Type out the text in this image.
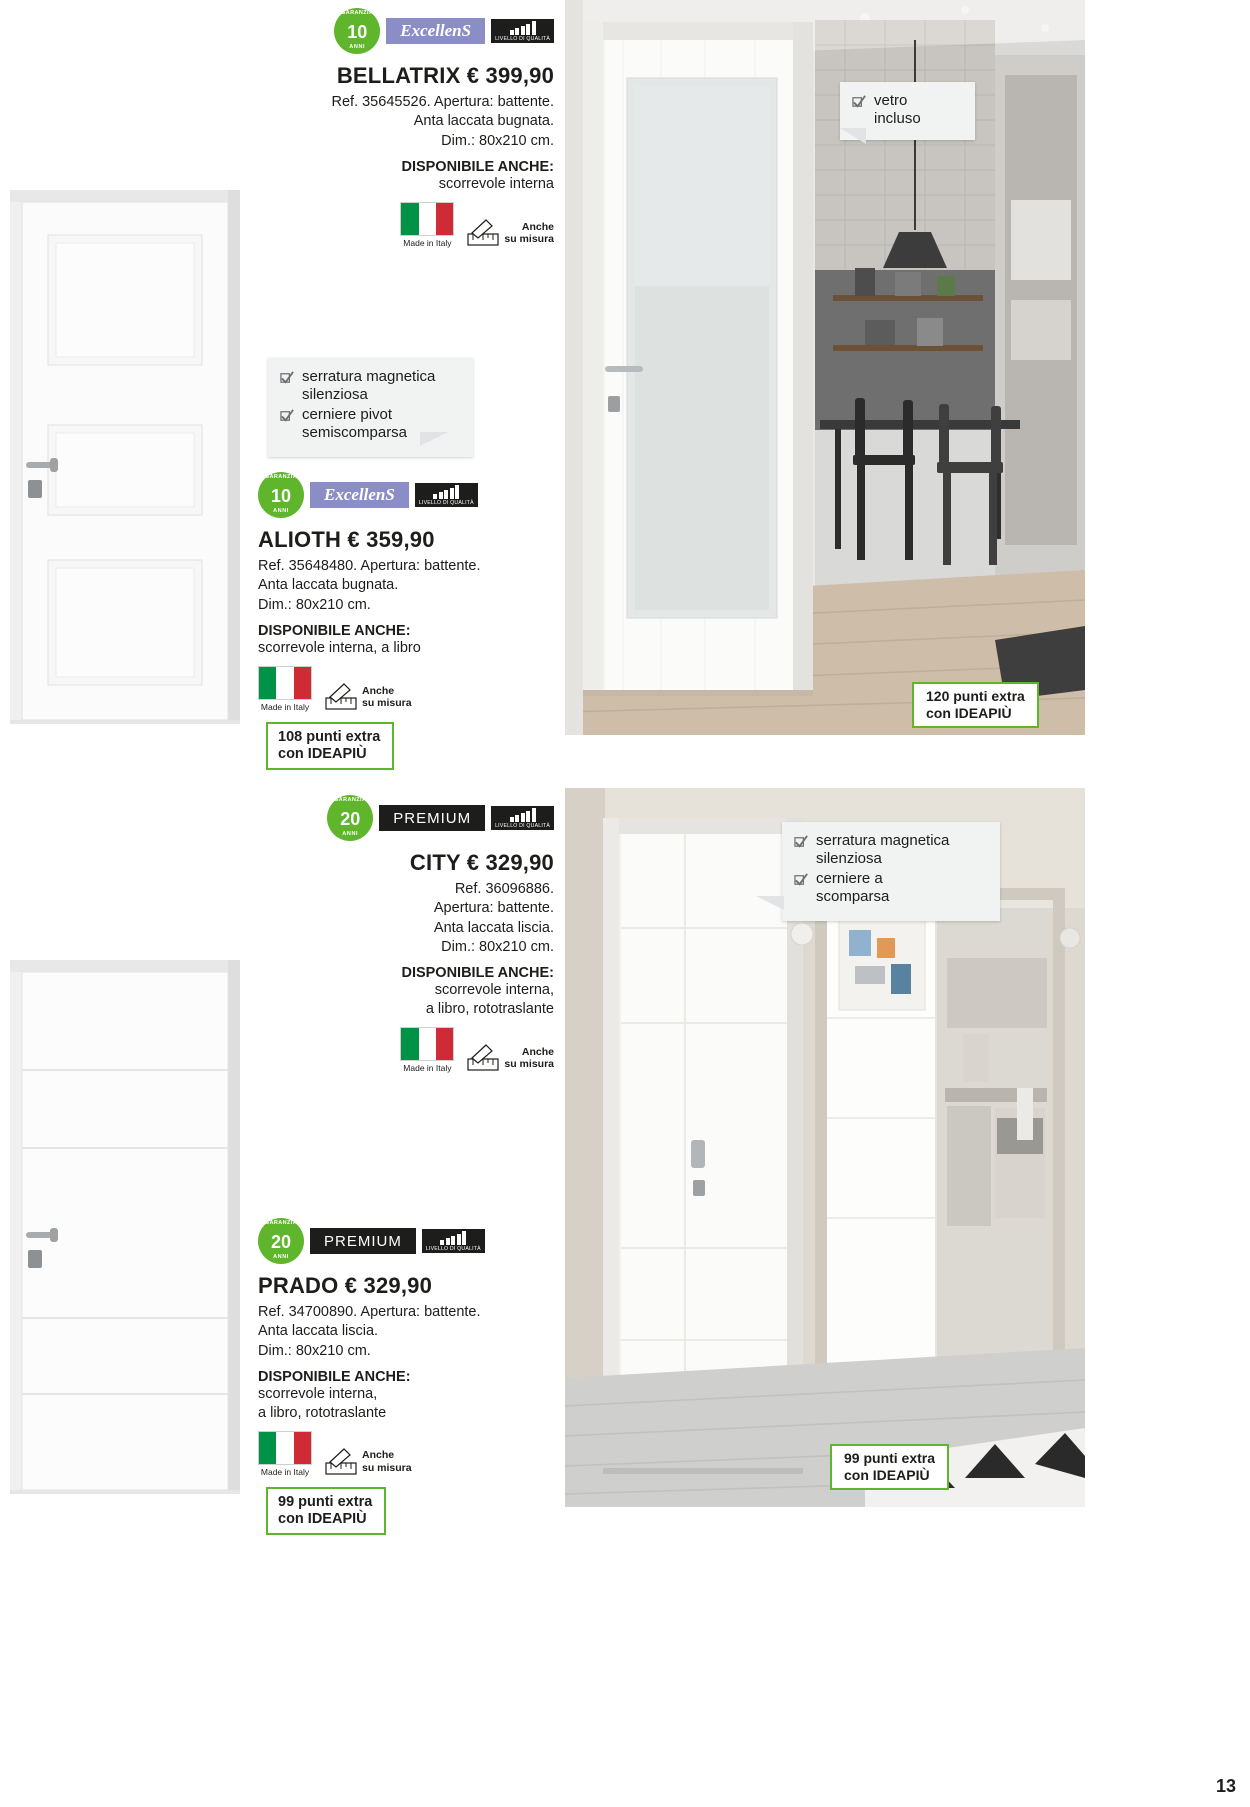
GARANZIA
10
ANNI
ExcellenS	LIVELLO DI QUALITÀ
BELLATRIX € 399,90
Ref. 35645526. Apertura: battente.
Anta laccata bugnata.
Dim.: 80x210 cm.
DISPONIBILE ANCHE:
scorrevole interna
Made in Italy
Anche
su misura
serratura magnetica
silenziosa
cerniere pivot
semiscomparsa
GARANZIA
10
ANNI
ExcellenS	LIVELLO DI QUALITÀ
ALIOTH € 359,90
Ref. 35648480. Apertura: battente.
Anta laccata bugnata.
Dim.: 80x210 cm.
DISPONIBILE ANCHE:
scorrevole interna, a libro
Made in Italy
Anche
su misura
108 punti extra
con IDEAPIÙ
vetro
incluso
120 punti extra
con IDEAPIÙ
GARANZIA
20
ANNI
PREMIUM	LIVELLO DI QUALITÀ
CITY € 329,90
Ref. 36096886.
Apertura: battente.
Anta laccata liscia.
Dim.: 80x210 cm.
DISPONIBILE ANCHE:
scorrevole interna,
a libro, rototraslante
Made in Italy
Anche
su misura
GARANZIA
20
ANNI
PREMIUM	LIVELLO DI QUALITÀ
PRADO € 329,90
Ref. 34700890. Apertura: battente.
Anta laccata liscia.
Dim.: 80x210 cm.
DISPONIBILE ANCHE:
scorrevole interna,
a libro, rototraslante
Made in Italy
Anche
su misura
99 punti extra
con IDEAPIÙ
serratura magnetica
silenziosa
cerniere a
scomparsa
99 punti extra
con IDEAPIÙ
13
